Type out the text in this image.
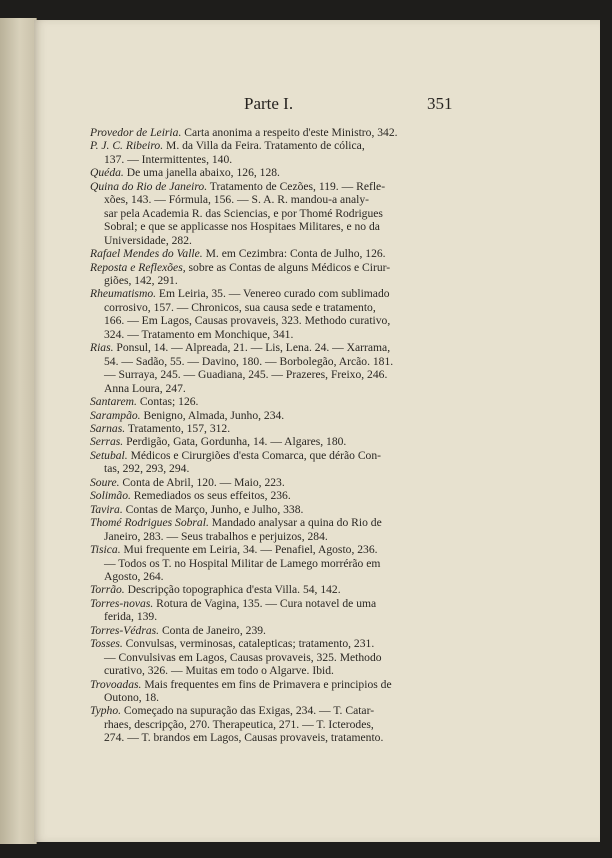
Parte I.	351
Provedor de Leiria. Carta anonima a respeito d'este Ministro, 342.
P. J. C. Ribeiro. M. da Villa da Feira. Tratamento de cólica,
137. — Intermittentes, 140.
Quéda. De uma janella abaixo, 126, 128.
Quina do Rio de Janeiro. Tratamento de Cezões, 119. — Refle-
xões, 143. — Fórmula, 156. — S. A. R. mandou-a analy-
sar pela Academia R. das Sciencias, e por Thomé Rodrigues
Sobral; e que se applicasse nos Hospitaes Militares, e no da
Universidade, 282.
Rafael Mendes do Valle. M. em Cezimbra: Conta de Julho, 126.
Reposta e Reflexões, sobre as Contas de alguns Médicos e Cirur-
giões, 142, 291.
Rheumatismo. Em Leiria, 35. — Venereo curado com sublimado
corrosivo, 157. — Chronicos, sua causa sede e tratamento,
166. — Em Lagos, Causas provaveis, 323. Methodo curativo,
324. — Tratamento em Monchique, 341.
Rias. Ponsul, 14. — Alpreada, 21. — Lis, Lena. 24. — Xarrama,
54. — Sadão, 55. — Davino, 180. — Borbolegão, Arcão. 181.
— Surraya, 245. — Guadiana, 245. — Prazeres, Freixo, 246.
Anna Loura, 247.
Santarem. Contas; 126.
Sarampão. Benigno, Almada, Junho, 234.
Sarnas. Tratamento, 157, 312.
Serras. Perdigão, Gata, Gordunha, 14. — Algares, 180.
Setubal. Médicos e Cirurgiões d'esta Comarca, que dérão Con-
tas, 292, 293, 294.
Soure. Conta de Abril, 120. — Maio, 223.
Solimão. Remediados os seus effeitos, 236.
Tavira. Contas de Março, Junho, e Julho, 338.
Thomé Rodrigues Sobral. Mandado analysar a quina do Rio de
Janeiro, 283. — Seus trabalhos e perjuizos, 284.
Tisica. Mui frequente em Leiria, 34. — Penafiel, Agosto, 236.
— Todos os T. no Hospital Militar de Lamego morrérão em
Agosto, 264.
Torrão. Descripção topographica d'esta Villa. 54, 142.
Torres-novas. Rotura de Vagina, 135. — Cura notavel de uma
ferida, 139.
Torres-Védras. Conta de Janeiro, 239.
Tosses. Convulsas, verminosas, catalepticas; tratamento, 231.
— Convulsivas em Lagos, Causas provaveis, 325. Methodo
curativo, 326. — Muitas em todo o Algarve. Ibid.
Trovoadas. Mais frequentes em fins de Primavera e principios de
Outono, 18.
Typho. Começado na supuração das Exigas, 234. — T. Catar-
rhaes, descripção, 270. Therapeutica, 271. — T. Icterodes,
274. — T. brandos em Lagos, Causas provaveis, tratamento.
